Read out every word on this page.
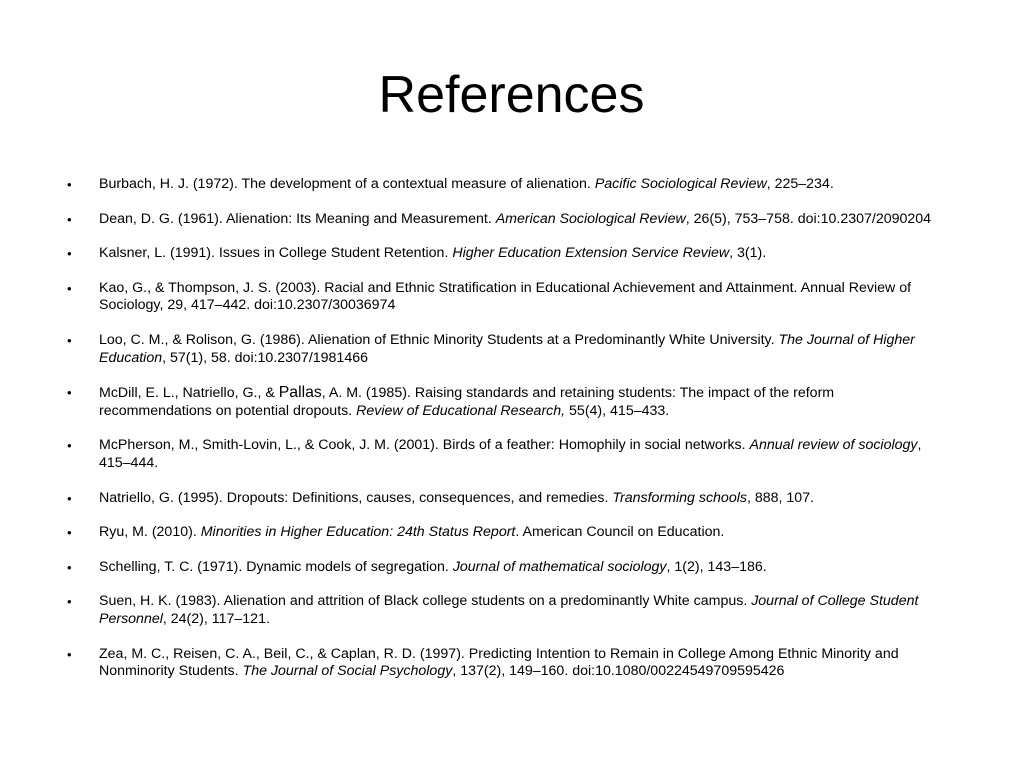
References
• Burbach, H. J. (1972). The development of a contextual measure of alienation. Pacific Sociological Review, 225–234.
• Dean, D. G. (1961). Alienation: Its Meaning and Measurement. American Sociological Review, 26(5), 753–758. doi:10.2307/2090204
• Kalsner, L. (1991). Issues in College Student Retention. Higher Education Extension Service Review, 3(1).
• Kao, G., & Thompson, J. S. (2003). Racial and Ethnic Stratification in Educational Achievement and Attainment. Annual Review of Sociology, 29, 417–442. doi:10.2307/30036974
• Loo, C. M., & Rolison, G. (1986). Alienation of Ethnic Minority Students at a Predominantly White University. The Journal of Higher Education, 57(1), 58. doi:10.2307/1981466
• McDill, E. L., Natriello, G., & Pallas, A. M. (1985). Raising standards and retaining students: The impact of the reform recommendations on potential dropouts. Review of Educational Research, 55(4), 415–433.
• McPherson, M., Smith-Lovin, L., & Cook, J. M. (2001). Birds of a feather: Homophily in social networks. Annual review of sociology, 415–444.
• Natriello, G. (1995). Dropouts: Definitions, causes, consequences, and remedies. Transforming schools, 888, 107.
• Ryu, M. (2010). Minorities in Higher Education: 24th Status Report. American Council on Education.
• Schelling, T. C. (1971). Dynamic models of segregation. Journal of mathematical sociology, 1(2), 143–186.
• Suen, H. K. (1983). Alienation and attrition of Black college students on a predominantly White campus. Journal of College Student Personnel, 24(2), 117–121.
• Zea, M. C., Reisen, C. A., Beil, C., & Caplan, R. D. (1997). Predicting Intention to Remain in College Among Ethnic Minority and Nonminority Students. The Journal of Social Psychology, 137(2), 149–160. doi:10.1080/00224549709595426
